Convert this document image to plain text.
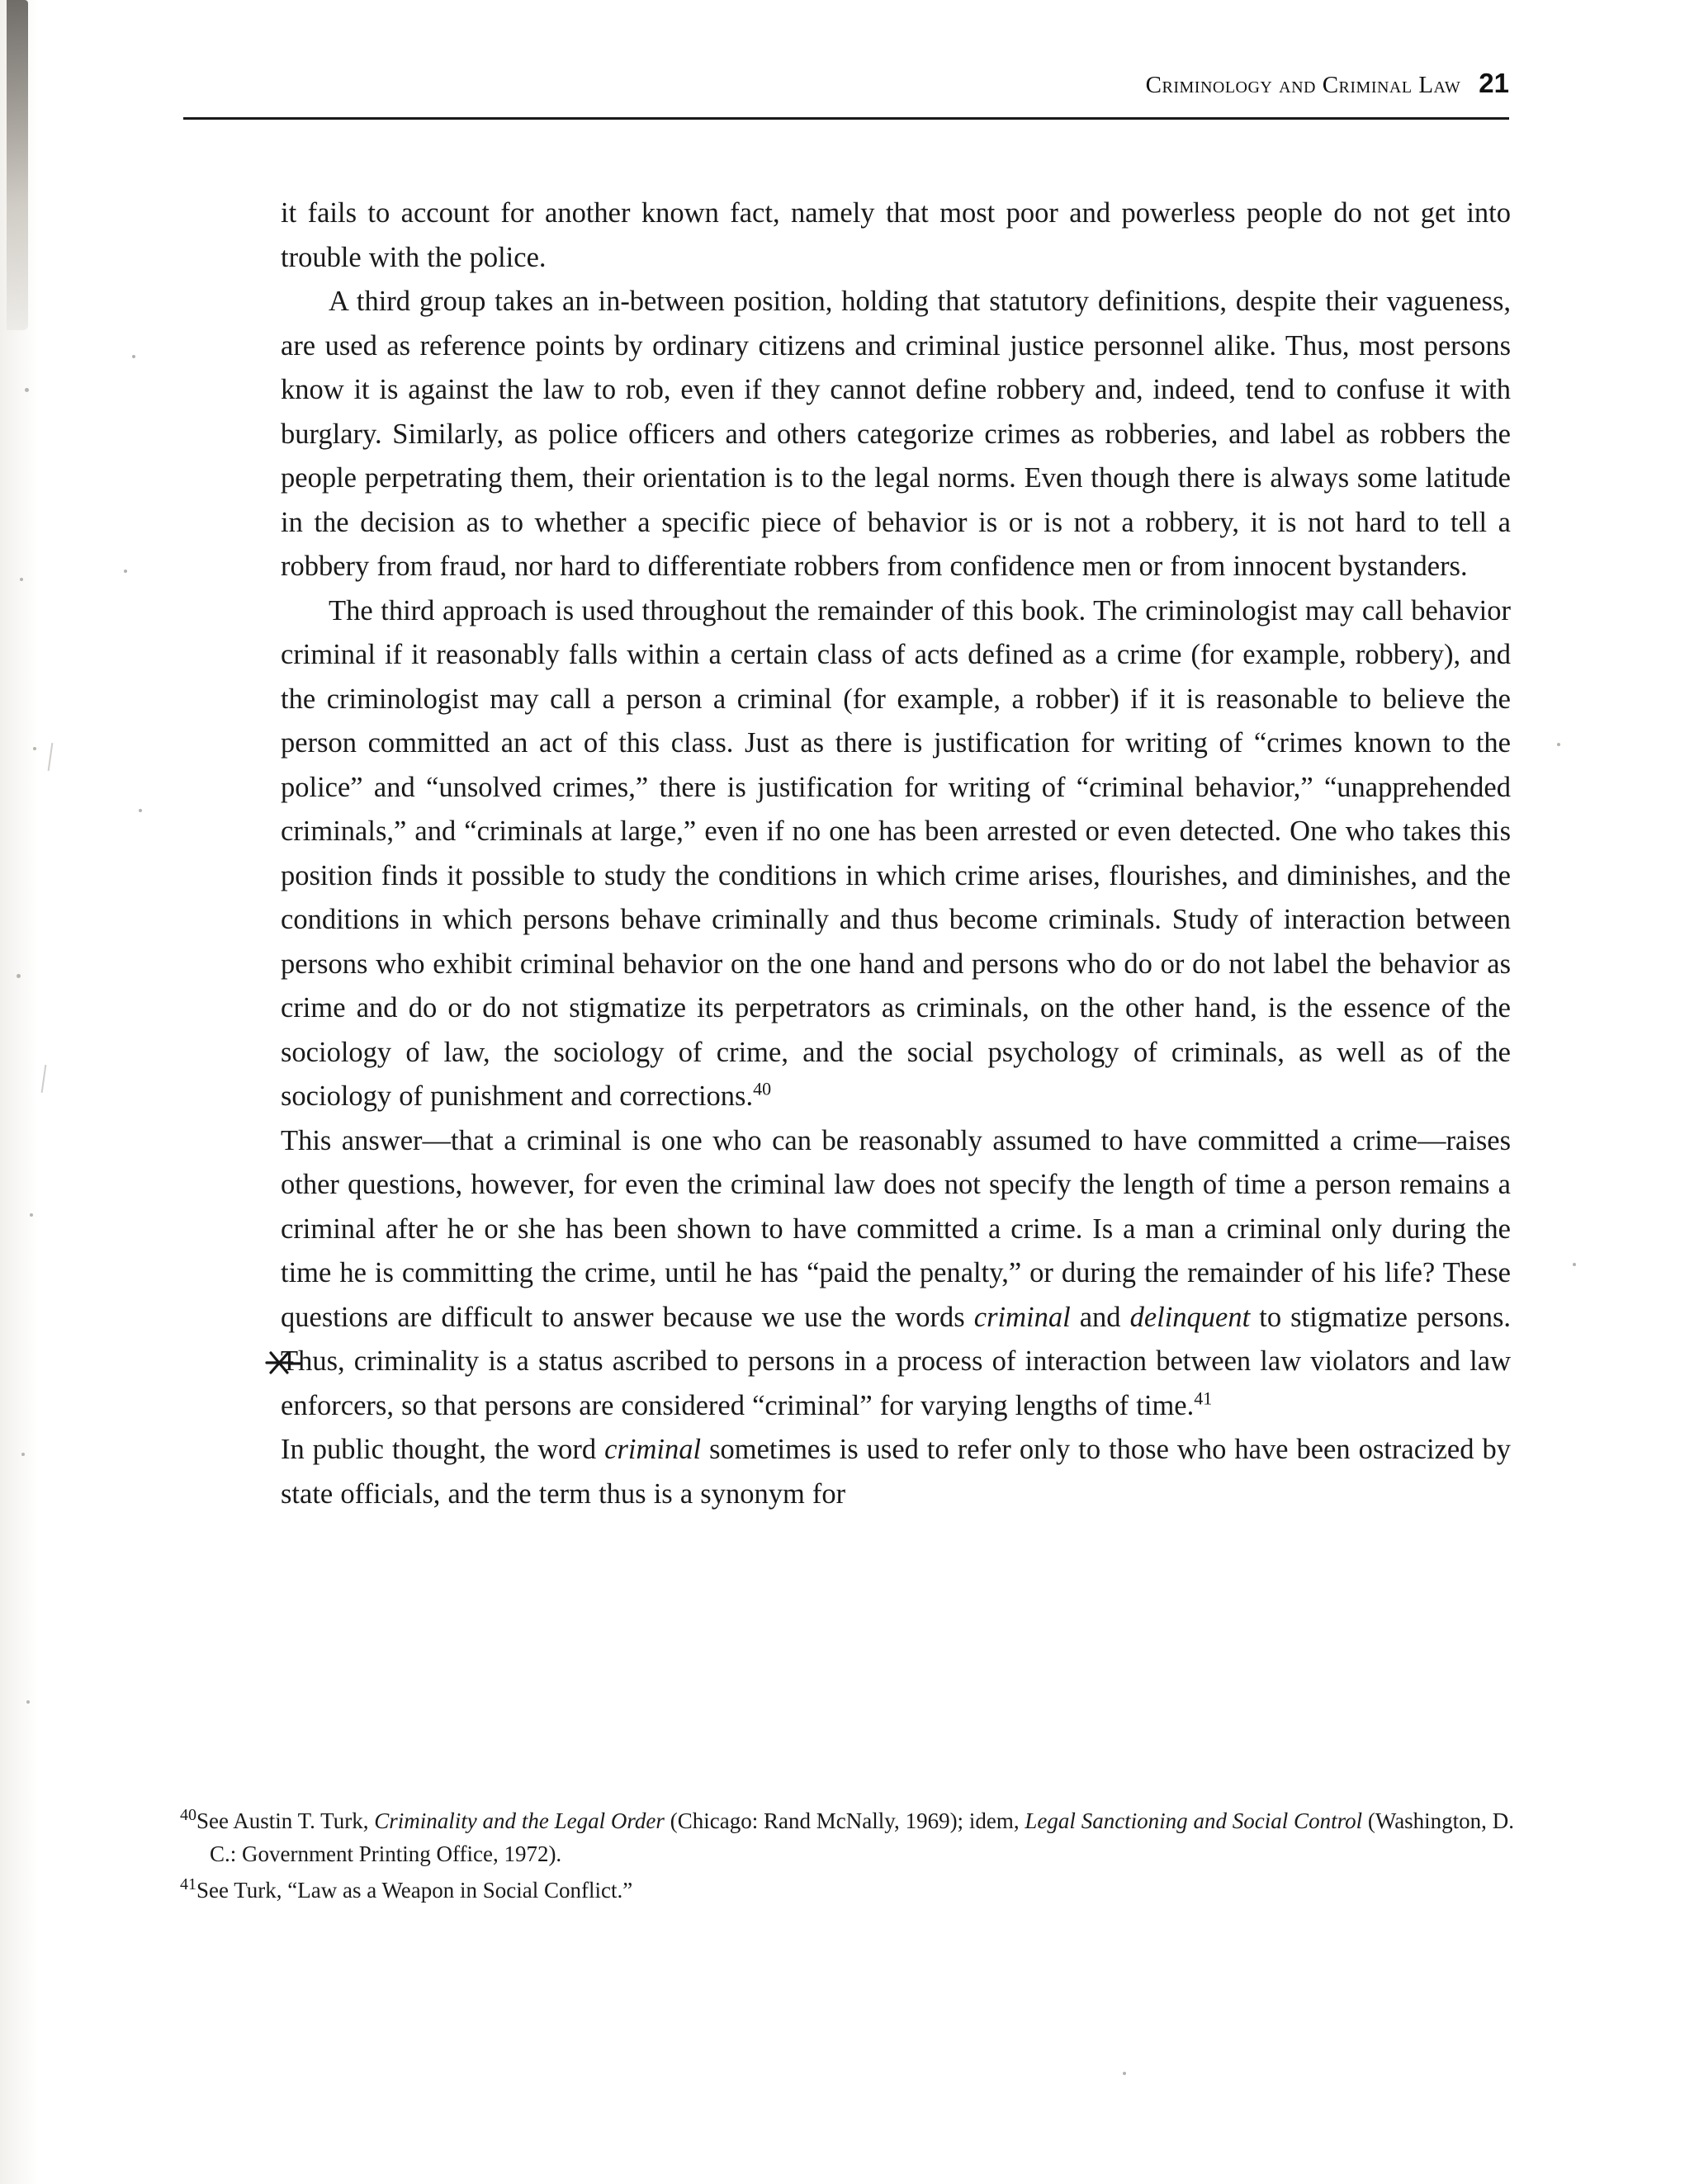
Criminology and Criminal Law 21

it fails to account for another known fact, namely that most poor and powerless people do not get into trouble with the police.

A third group takes an in-between position, holding that statutory definitions, despite their vagueness, are used as reference points by ordinary citizens and criminal justice personnel alike. Thus, most persons know it is against the law to rob, even if they cannot define robbery and, indeed, tend to confuse it with burglary. Similarly, as police officers and others categorize crimes as robberies, and label as robbers the people perpetrating them, their orientation is to the legal norms. Even though there is always some latitude in the decision as to whether a specific piece of behavior is or is not a robbery, it is not hard to tell a robbery from fraud, nor hard to differentiate robbers from confidence men or from innocent bystanders.

The third approach is used throughout the remainder of this book. The criminologist may call behavior criminal if it reasonably falls within a certain class of acts defined as a crime (for example, robbery), and the criminologist may call a person a criminal (for example, a robber) if it is reasonable to believe the person committed an act of this class. Just as there is justification for writing of “crimes known to the police” and “unsolved crimes,” there is justification for writing of “criminal behavior,” “unapprehended criminals,” and “criminals at large,” even if no one has been arrested or even detected. One who takes this position finds it possible to study the conditions in which crime arises, flourishes, and diminishes, and the conditions in which persons behave criminally and thus become criminals. Study of interaction between persons who exhibit criminal behavior on the one hand and persons who do or do not label the behavior as crime and do or do not stigmatize its perpetrators as criminals, on the other hand, is the essence of the sociology of law, the sociology of crime, and the social psychology of criminals, as well as of the sociology of punishment and corrections.$^{40}$

This answer—that a criminal is one who can be reasonably assumed to have committed a crime—raises other questions, however, for even the criminal law does not specify the length of time a person remains a criminal after he or she has been shown to have committed a crime. Is a man a criminal only during the time he is committing the crime, until he has “paid the penalty,” or during the remainder of his life? These questions are difficult to answer because we use the words criminal and delinquent to stigmatize persons. Thus, criminality is a status ascribed to persons in a process of interaction between law violators and law enforcers, so that persons are considered “criminal” for varying lengths of time.$^{41}$

In public thought, the word criminal sometimes is used to refer only to those who have been ostracized by state officials, and the term thus is a synonym for

$^{40}$See Austin T. Turk, Criminality and the Legal Order (Chicago: Rand McNally, 1969); idem, Legal Sanctioning and Social Control (Washington, D. C.: Government Printing Office, 1972).

$^{41}$See Turk, “Law as a Weapon in Social Conflict.”
